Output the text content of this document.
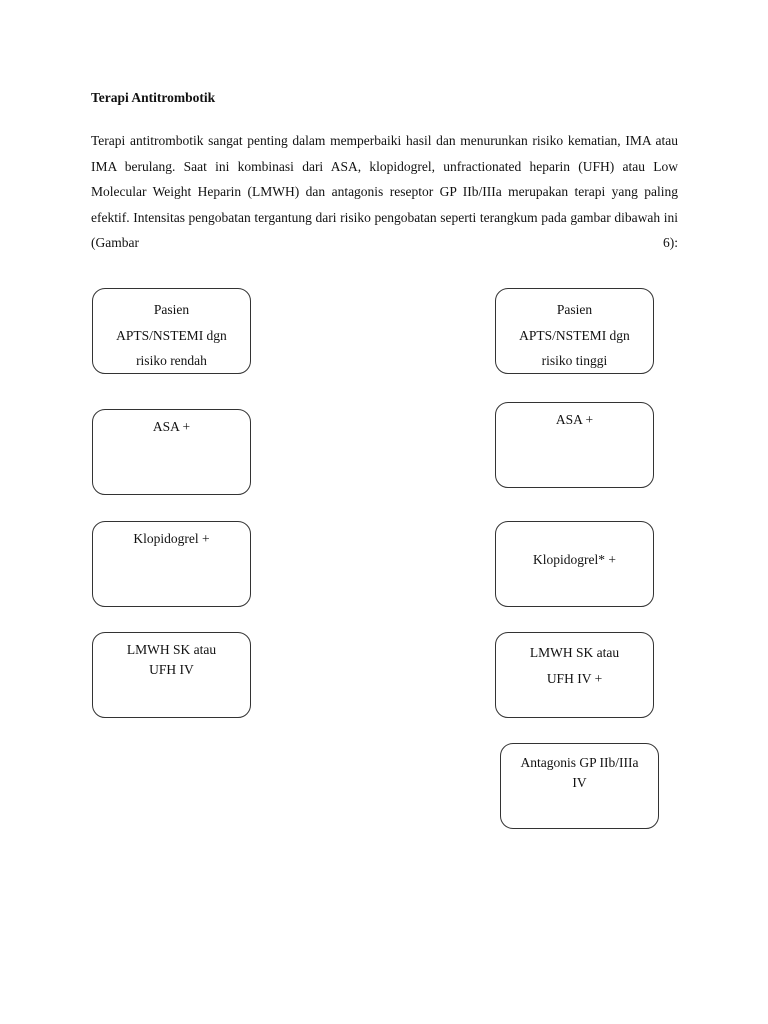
Terapi Antitrombotik

Terapi antitrombotik sangat penting dalam memperbaiki hasil dan menurunkan risiko kematian, IMA atau IMA berulang. Saat ini kombinasi dari ASA, klopidogrel, unfractionated heparin (UFH) atau Low Molecular Weight Heparin (LMWH) dan antagonis reseptor GP IIb/IIIa merupakan terapi yang paling efektif. Intensitas pengobatan tergantung dari risiko pengobatan seperti terangkum pada gambar dibawah ini (Gambar 6):

Pasien
APTS/NSTEMI dgn
risiko rendah
ASA +
Klopidogrel +
LMWH SK atau
UFH IV
Pasien
APTS/NSTEMI dgn
risiko tinggi
ASA +
Klopidogrel* +
LMWH SK atau
UFH IV +
Antagonis GP IIb/IIIa
IV
